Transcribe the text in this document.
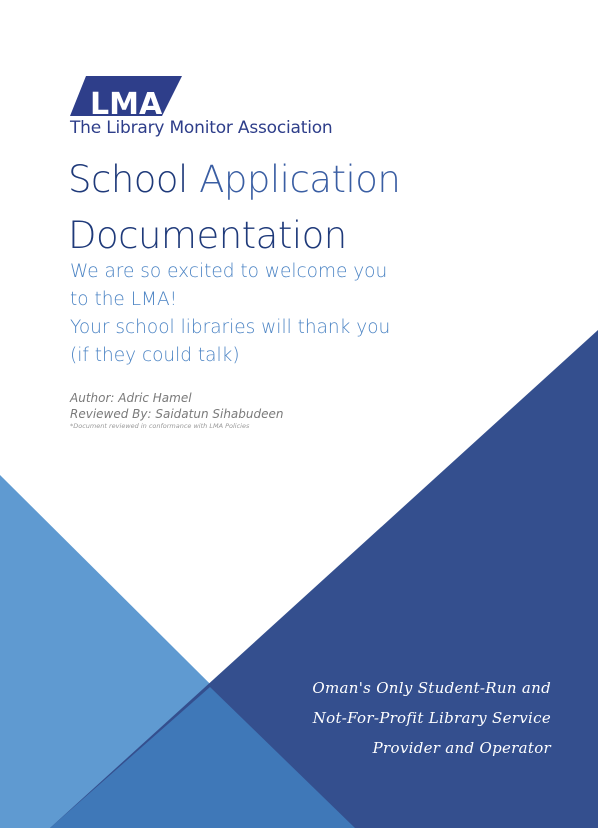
LMA
The Library Monitor Association
School Application
Documentation
We are so excited to welcome you
to the LMA!
Your school libraries will thank you
(if they could talk)
Author: Adric Hamel
Reviewed By: Saidatun Sihabudeen
*Document reviewed in conformance with LMA Policies
Oman's Only Student-Run and
Not-For-Profit Library Service
Provider and Operator
